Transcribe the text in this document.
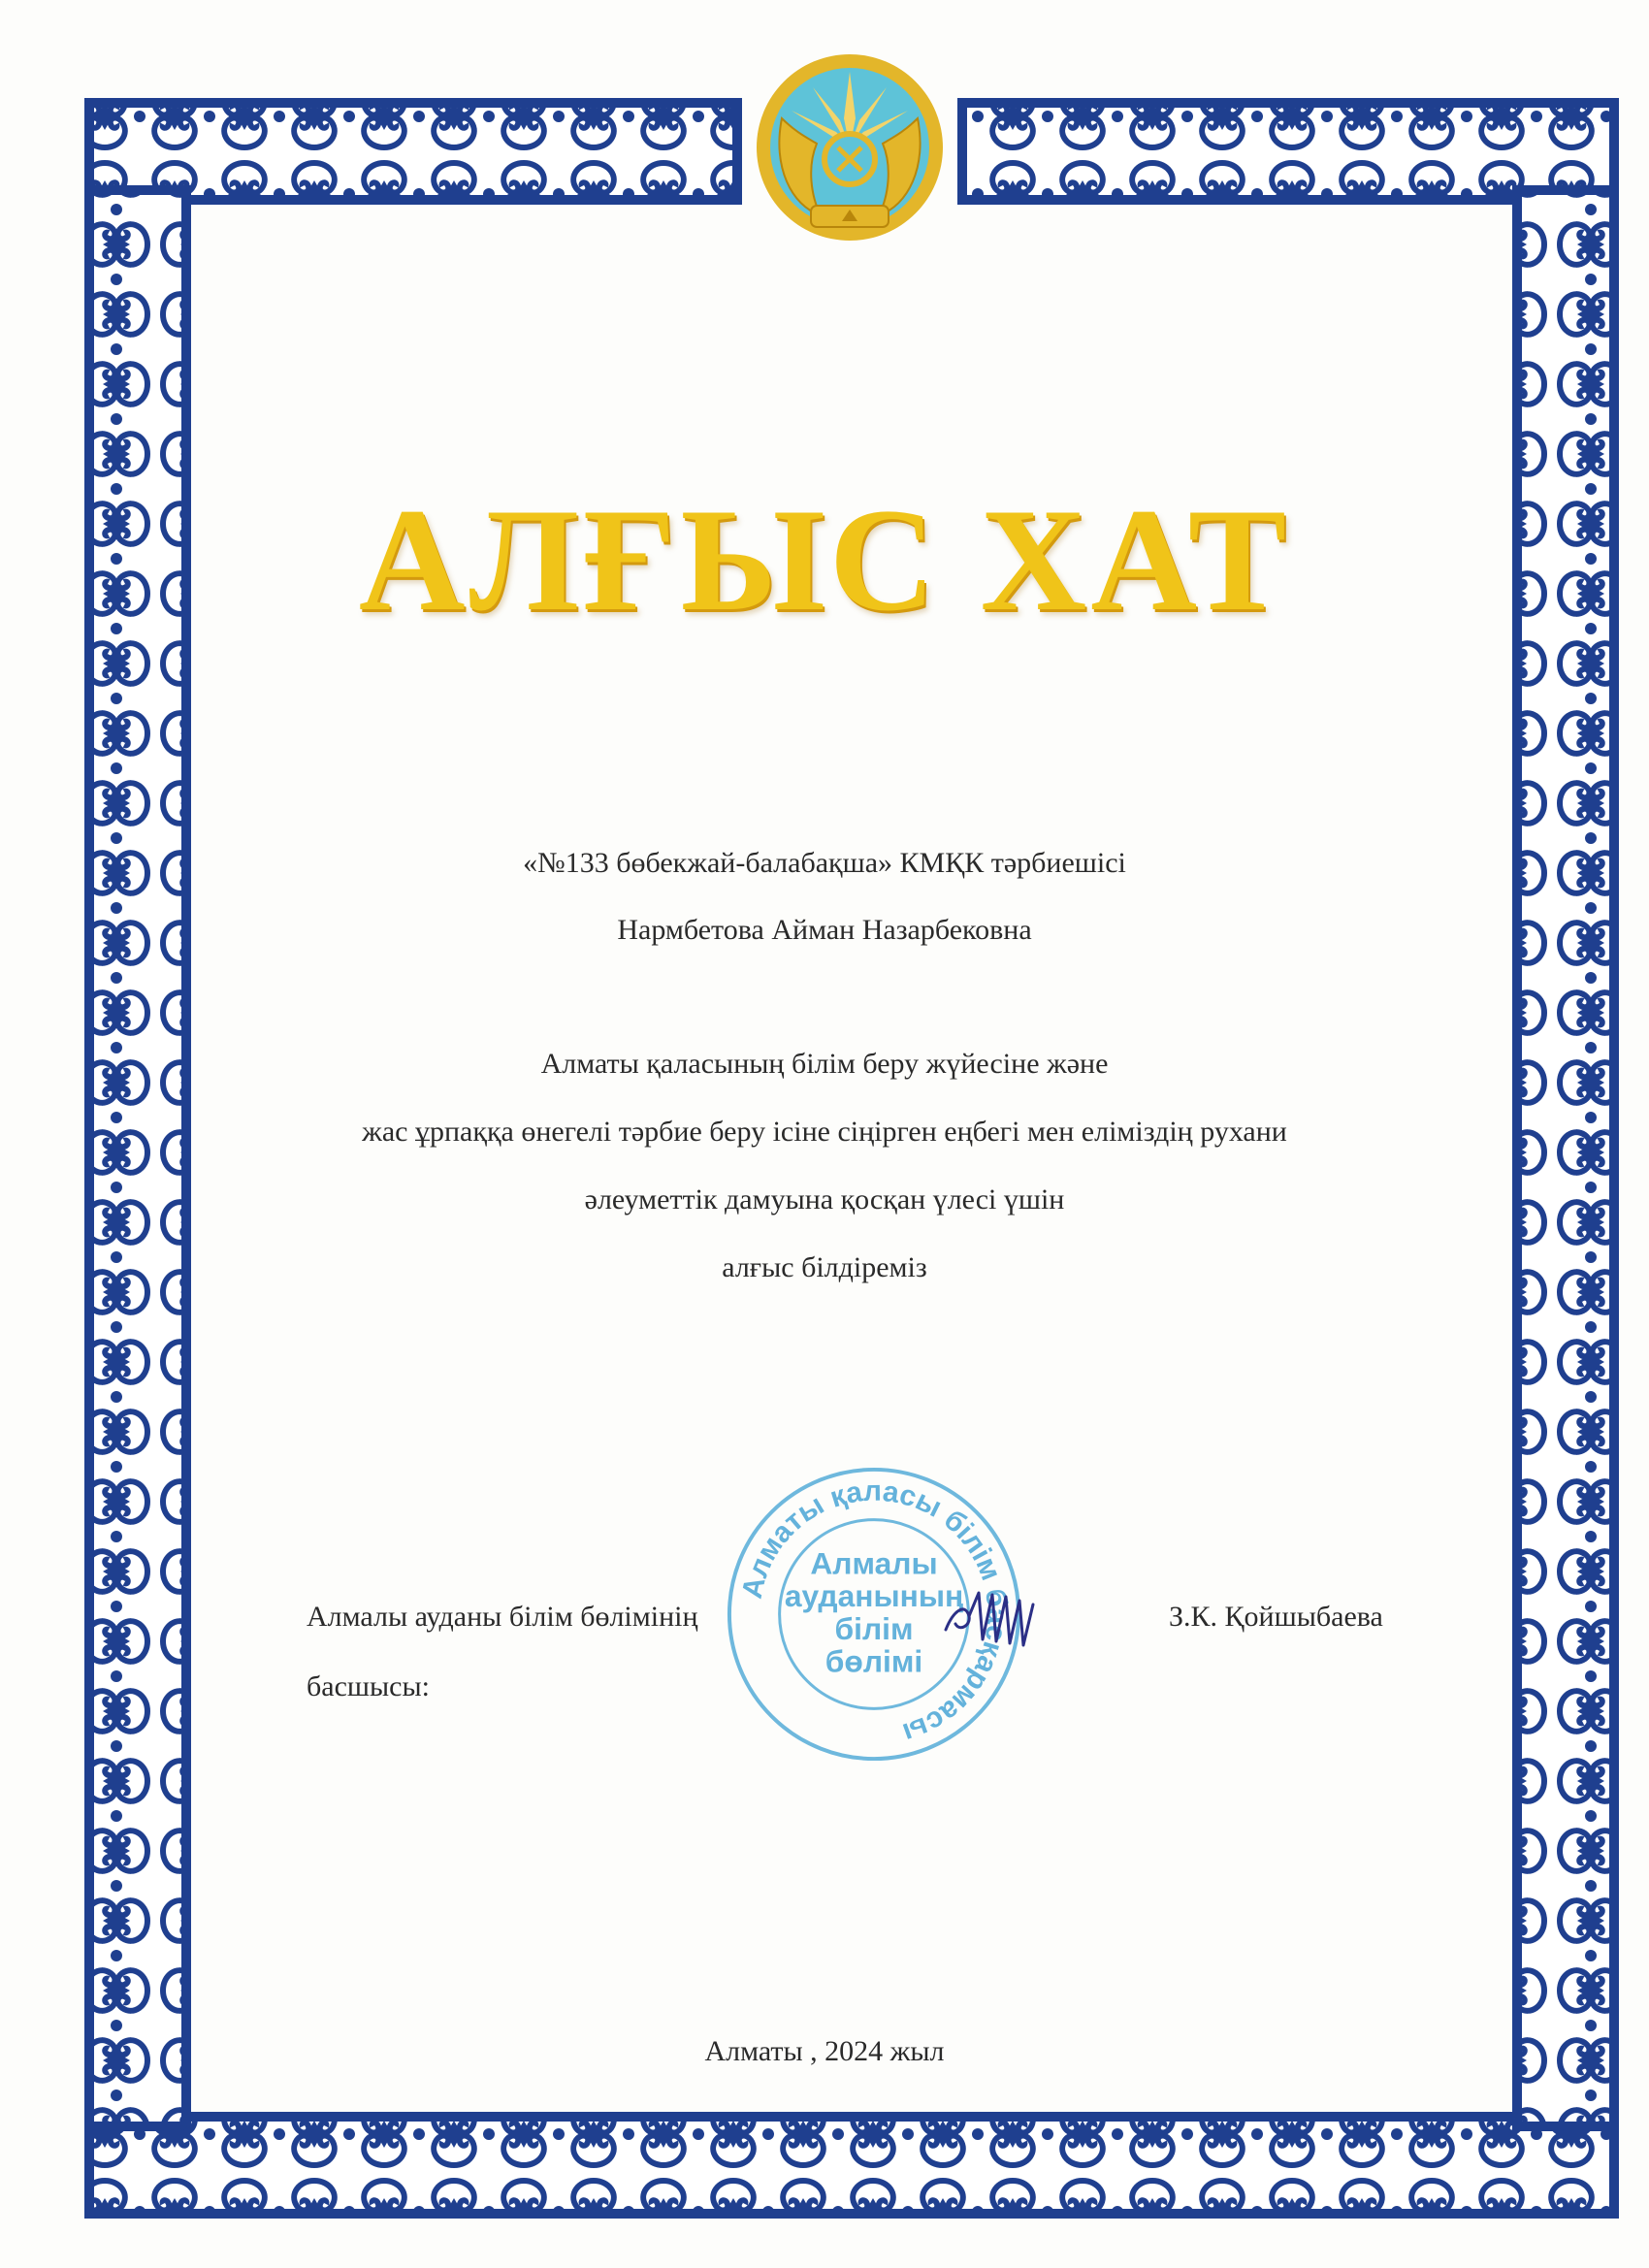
АЛҒЫС ХАТ
«№133 бөбекжай-балабақша» КМҚК тәрбиешісі
Нармбетова Айман Назарбековна
Алматы қаласының білім беру жүйесіне және
жас ұрпаққа өнегелі тәрбие беру ісіне сіңірген еңбегі мен еліміздің рухани
әлеуметтік дамуына қосқан үлесі үшін
алғыс білдіреміз
Алматы қаласы білім басқармасы
Алмалы
ауданының
білім
бөлімі
Алмалы ауданы білім бөлімінің
басшысы:
З.К. Қойшыбаева
Алматы , 2024 жыл
